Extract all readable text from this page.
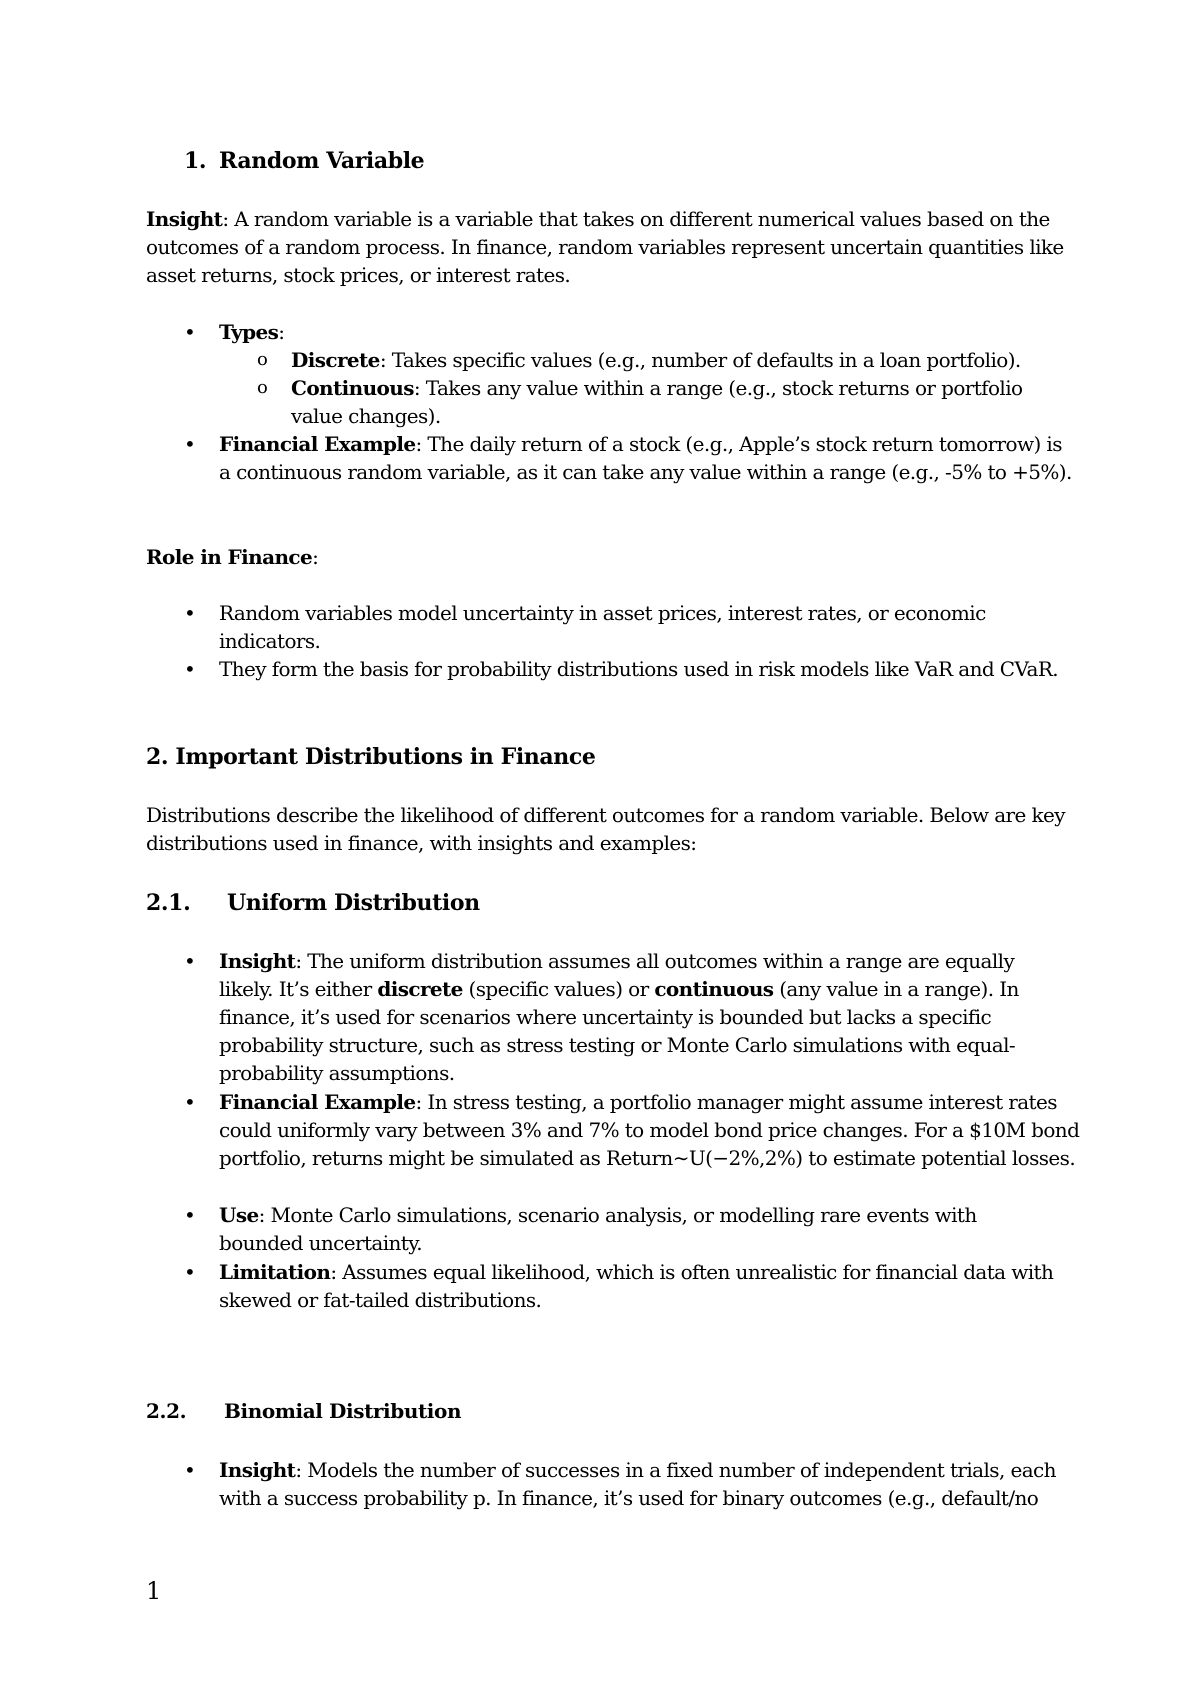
1. Random Variable

Insight: A random variable is a variable that takes on different numerical values based on the outcomes of a random process. In finance, random variables represent uncertain quantities like asset returns, stock prices, or interest rates.

• Types:
o Discrete: Takes specific values (e.g., number of defaults in a loan portfolio).
o Continuous: Takes any value within a range (e.g., stock returns or portfolio value changes).
• Financial Example: The daily return of a stock (e.g., Apple’s stock return tomorrow) is a continuous random variable, as it can take any value within a range (e.g., -5% to +5%).
Role in Finance:
• Random variables model uncertainty in asset prices, interest rates, or economic indicators.
• They form the basis for probability distributions used in risk models like VaR and CVaR.
2. Important Distributions in Finance

Distributions describe the likelihood of different outcomes for a random variable. Below are key distributions used in finance, with insights and examples:

2.1. Uniform Distribution
• Insight: The uniform distribution assumes all outcomes within a range are equally likely. It’s either discrete (specific values) or continuous (any value in a range). In finance, it’s used for scenarios where uncertainty is bounded but lacks a specific probability structure, such as stress testing or Monte Carlo simulations with equal-probability assumptions.
• Financial Example: In stress testing, a portfolio manager might assume interest rates could uniformly vary between 3% and 7% to model bond price changes. For a $10M bond portfolio, returns might be simulated as Return∼U(−2%,2%) to estimate potential losses.
• Use: Monte Carlo simulations, scenario analysis, or modelling rare events with bounded uncertainty.
• Limitation: Assumes equal likelihood, which is often unrealistic for financial data with skewed or fat-tailed distributions.
2.2. Binomial Distribution
• Insight: Models the number of successes in a fixed number of independent trials, each with a success probability p. In finance, it’s used for binary outcomes (e.g., default/no
1
